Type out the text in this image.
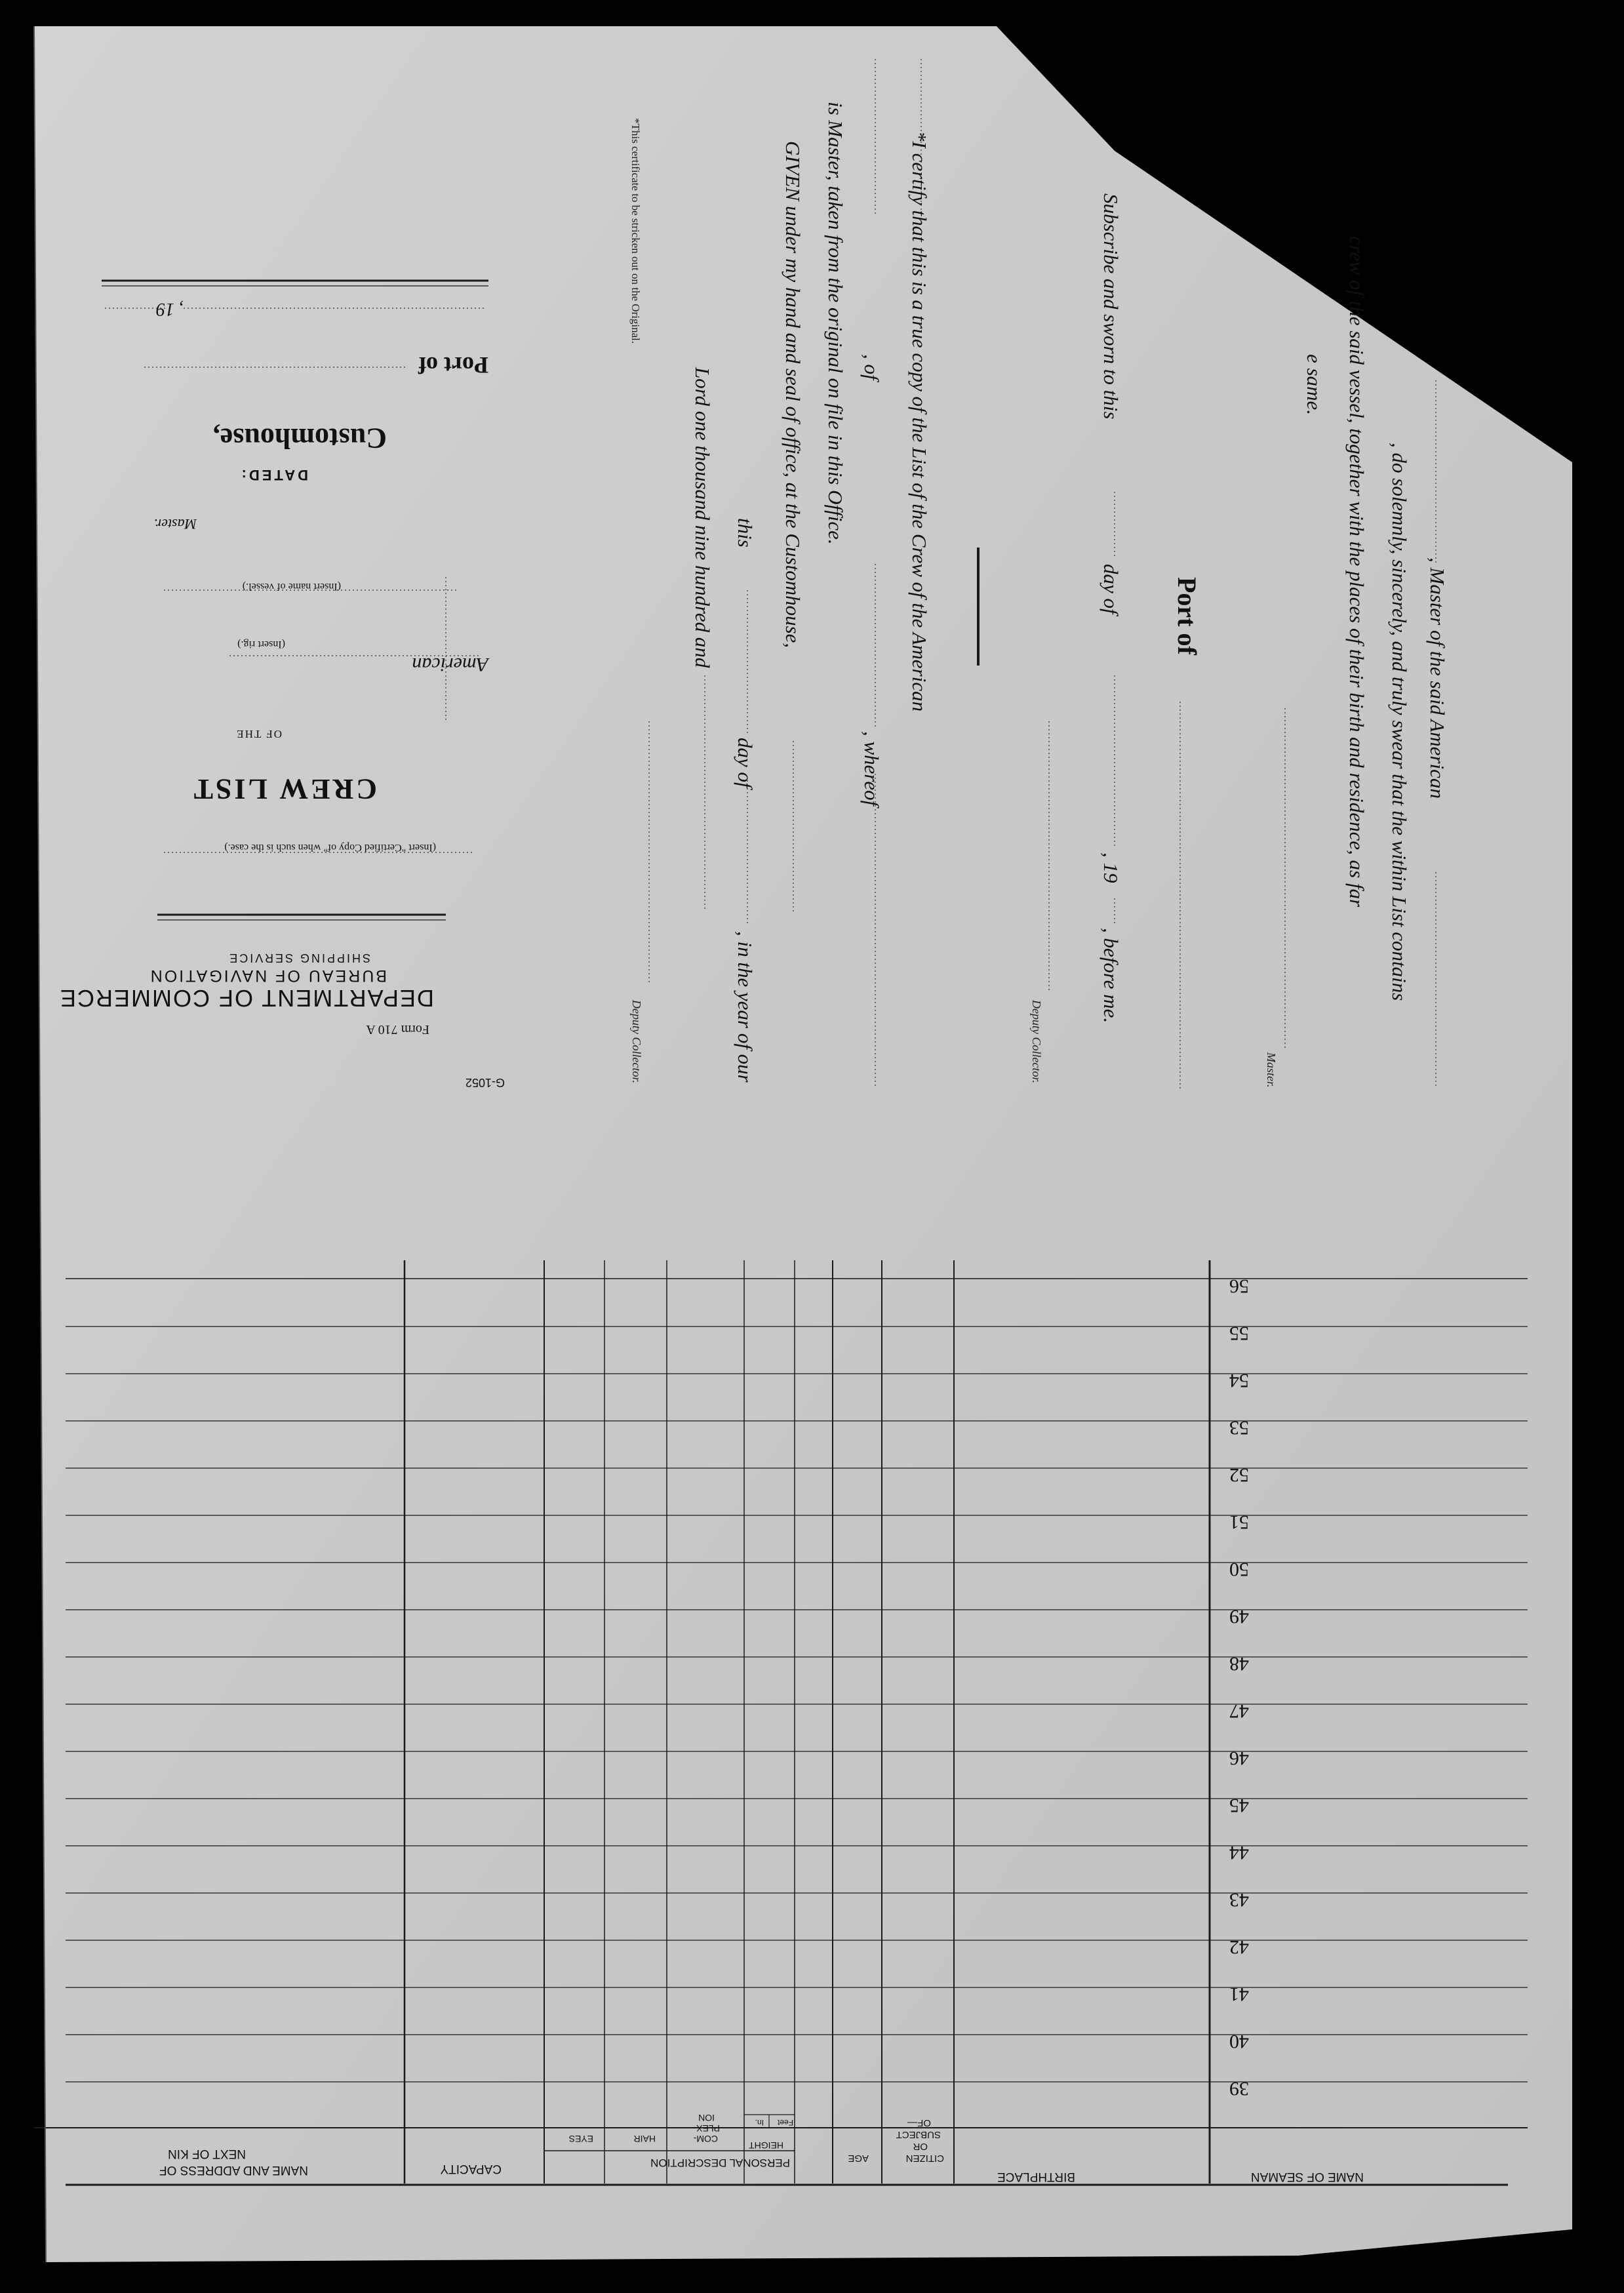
G-1052
Form 710 A
DEPARTMENT OF COMMERCE
BUREAU OF NAVIGATION
SHIPPING SERVICE
(Insert "Certified Copy of" when such is the case.)
CREW LIST
OF THE
American
(Insert rig.)
(Insert name of vessel.)
Master.
DATED:
Customhouse,
Port of
, 19	*This certificate to be stricken out on the Original.
, Master of the said American
, do solemnly, sincerely, and truly swear that the within List contains
crew of the said vessel, together with the places of their birth and residence, as far
e same.
Master.
Port of
Subscribe and sworn to this
day of
, 19
, before me.
Deputy Collector.
*I certify that this is a true copy of the List of the Crew of the American
, of
, whereof
is Master, taken from the original on file in this Office.
GIVEN under my hand and seal of office, at the Customhouse,
this
day of
, in the year of our
Lord one thousand nine hundred and
Deputy Collector.
NAME OF SEAMAN
BIRTHPLACE
CITIZEN
OR
SUBJECT
OF—
AGE
PERSONAL DESCRIPTION
HEIGHT
Feet
In.
COM-
PLEX-
ION
HAIR
EYES
CAPACITY
NAME AND ADDRESS OF
NEXT OF KIN
39
40
41
42
43
44
45
46
47
48
49
50
51
52
53
54
55
56
